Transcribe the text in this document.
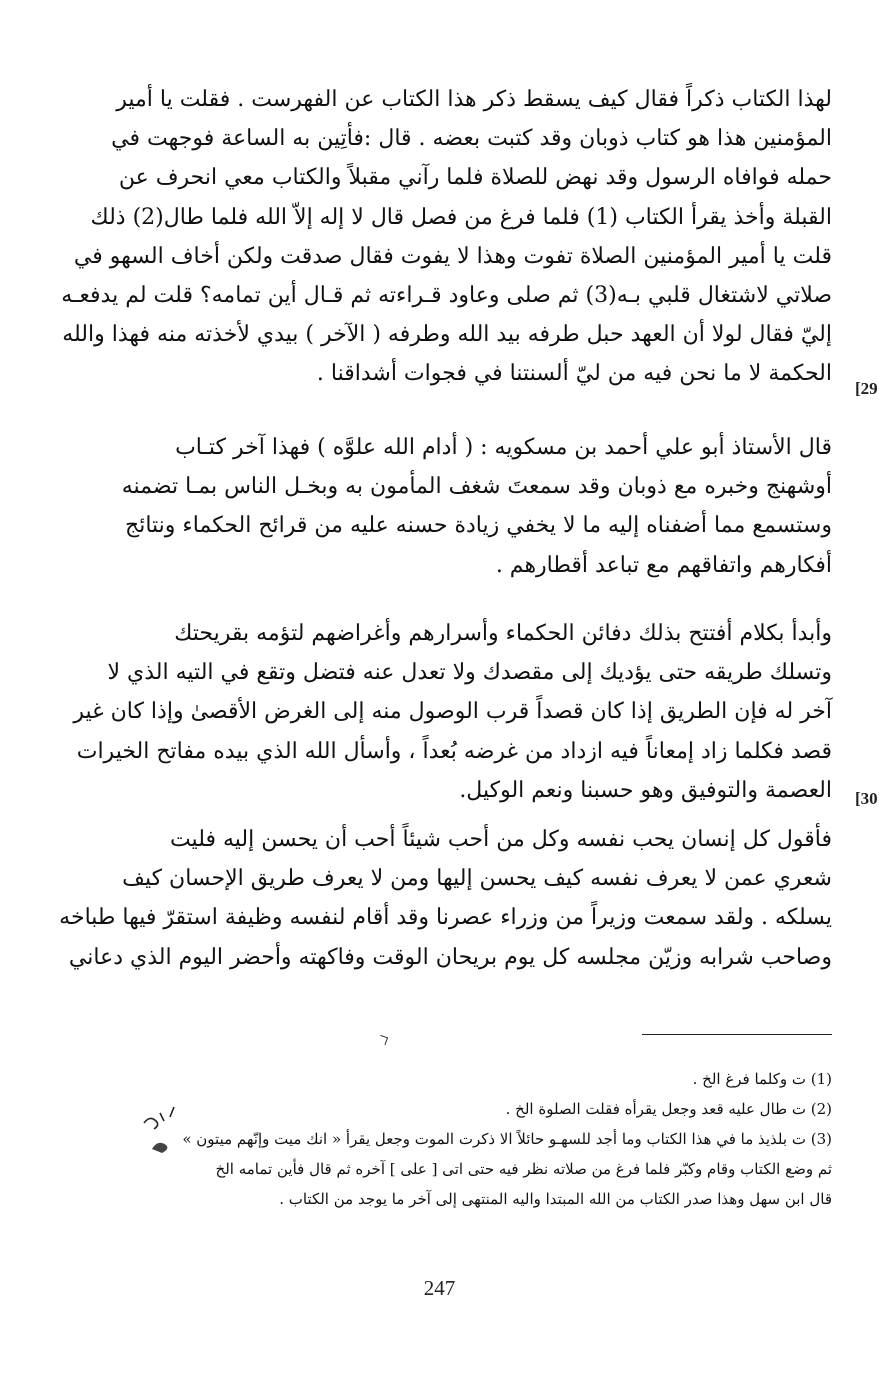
لهذا الكتاب ذكراً فقال كيف يسقط ذكر هذا الكتاب عن الفهرست . فقلت يا أمير
المؤمنين هذا هو كتاب ذوبان وقد كتبت بعضه . قال :فأتِين به الساعة فوجهت في
حمله فوافاه الرسول وقد نهض للصلاة فلما رآني مقبلاً والكتاب معي انحرف عن
القبلة وأخذ يقرأ الكتاب (1) فلما فرغ من فصل قال لا إله إلاّ الله فلما طال(2) ذلك
قلت يا أمير المؤمنين الصلاة تفوت وهذا لا يفوت فقال صدقت ولكن أخاف السهو في
صلاتي لاشتغال قلبي بـه(3) ثم صلى وعاود قـراءته ثم قـال أين تمامه؟ قلت لم يدفعـه
إليّ فقال لولا أن العهد حبل طرفه بيد الله وطرفه ( الآخر ) بيدي لأخذته منه فهذا والله
الحكمة لا ما نحن فيه من ليّ ألسنتنا في فجوات أشداقنا .

قال الأستاذ أبو علي أحمد بن مسكويه : ( أدام الله علوَّه ) فهذا آخر كتـاب
أوشهنج وخبره مع ذوبان وقد سمعتَ شغف المأمون به وبخـل الناس بمـا تضمنه
وستسمع مما أضفناه إليه ما لا يخفي زيادة حسنه عليه من قرائح الحكماء ونتائج
أفكارهم واتفاقهم مع تباعد أقطارهم .

وأبدأ بكلام أفتتح بذلك دفائن الحكماء وأسرارهم وأغراضهم لتؤمه بقريحتك
وتسلك طريقه حتى يؤديك إلى مقصدك ولا تعدل عنه فتضل وتقع في التيه الذي لا
آخر له فإن الطريق إذا كان قصداً قرب الوصول منه إلى الغرض الأقصىٰ وإذا كان غير
قصد فكلما زاد إمعاناً فيه ازداد من غرضه بُعداً ، وأسأل الله الذي بيده مفاتح الخيرات
العصمة والتوفيق وهو حسبنا ونعم الوكيل.

فأقول كل إنسان يحب نفسه وكل من أحب شيئاً أحب أن يحسن إليه فليت
شعري عمن لا يعرف نفسه كيف يحسن إليها ومن لا يعرف طريق الإحسان كيف
يسلكه . ولقد سمعت وزيراً من وزراء عصرنا وقد أقام لنفسه وظيفة استقرّ فيها طباخه
وصاحب شرابه وزيّن مجلسه كل يوم بريحان الوقت وفاكهته وأحضر اليوم الذي دعاني

[29
[30
(1) ت وكلما فرغ الخ .
(2) ت طال عليه قعد وجعل يقرأه فقلت الصلوة الخ .
(3) ت بلذيذ ما في هذا الكتاب وما أجد للسهـو حائلاً الا ذكرت الموت وجعل يقرأ « انك ميت وإنّهم ميتون »
ثم وضع الكتاب وقام وكبّر فلما فرغ من صلاته نظر فيه حتى اتى [ على ] آخره ثم قال فأين تمامه الخ
قال ابن سهل وهذا صدر الكتاب من الله المبتدا واليه المنتهى إلى آخر ما يوجد من الكتاب .
247
